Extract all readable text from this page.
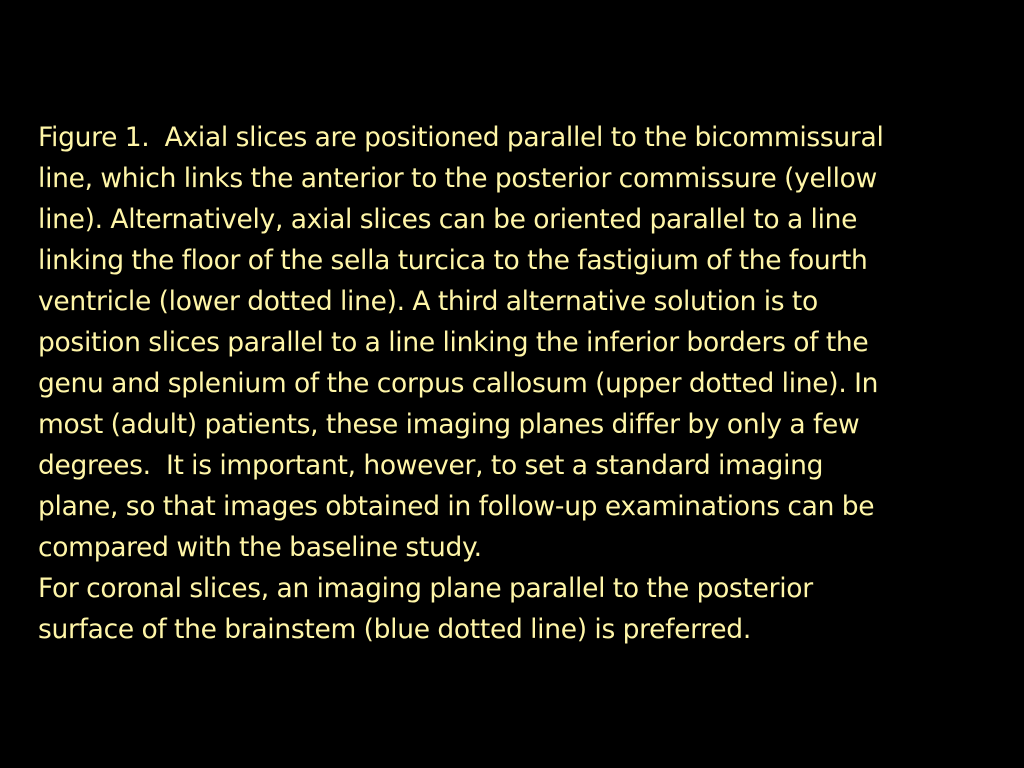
Figure 1.  Axial slices are positioned parallel to the bicommissural
line, which links the anterior to the posterior commissure (yellow
line). Alternatively, axial slices can be oriented parallel to a line
linking the floor of the sella turcica to the fastigium of the fourth
ventricle (lower dotted line). A third alternative solution is to
position slices parallel to a line linking the inferior borders of the
genu and splenium of the corpus callosum (upper dotted line). In
most (adult) patients, these imaging planes differ by only a few
degrees.  It is important, however, to set a standard imaging
plane, so that images obtained in follow-up examinations can be
compared with the baseline study.
For coronal slices, an imaging plane parallel to the posterior
surface of the brainstem (blue dotted line) is preferred.
